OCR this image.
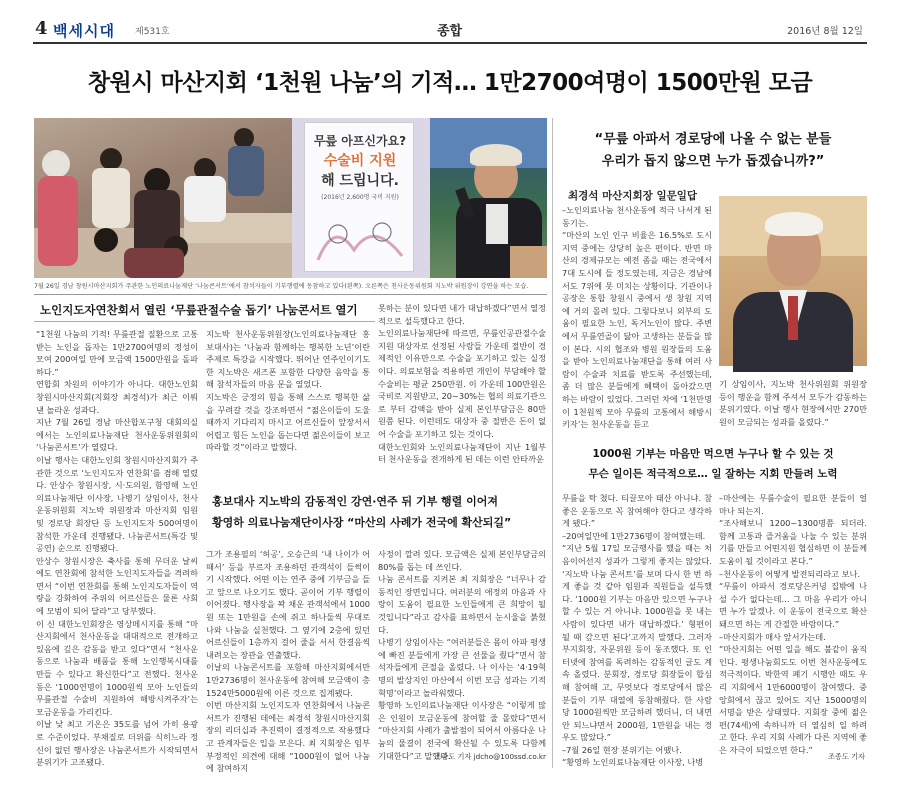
4 백세시대 제531호	종합	2016년 8월 12일
창원시 마산지회 ‘1천원 나눔’의 기적… 1만2700여명이 1500만원 모금
무릎 아프신가요?
수술비 지원
해 드립니다.
(2016년 2,600명 국비 지원)
7월 26일 경남 창원시마산지회가 주관한 노인의료나눔재단 ‘나눔콘서트’에서 참석자들이 기부행렬에 동참하고 있다(왼쪽). 오른쪽은 천사운동위원회 지노박 위원장이 강연을 하는 모습.
노인지도자연찬회서 열린 ‘무릎관절수술 돕기’ 나눔콘서트 열기
“1천원 나눔의 기적! 무릎관절 질환으로 고통받는 노인을 돕자는 1만2700여명의 정성이 모여 200여일 만에 모금액 1500만원을 돌파하다.”
연합회 차원의 이야기가 아니다. 대한노인회 창원시마산지회(지회장 최경석)가 최근 이뤄낸 놀라운 성과다.
지난 7월 26일 경남 마산합포구청 대회의실에서는 노인의료나눔재단 천사운동위원회의 ‘나눔콘서트’가 열렸다.
이날 행사는 대한노인회 창원시마산지회가 주관한 것으로 ‘노인지도자 연찬회’를 겸해 열렸다. 안상수 창원시장, 시·도의원, 함영해 노인의료나눔재단 이사장, 나병기 상임이사, 천사운동위원회 지노박 위원장과 마산지회 임원 및 경로당 회장단 등 노인지도자 500여명이 참석한 가운데 진행됐다. 나눔콘서트(특강 및 공연) 순으로 진행됐다.
안상수 창원시장은 축사를 통해 무더운 날씨에도 연찬회에 참석한 노인지도자들을 격려하면서 “이번 연찬회를 통해 노인지도자들이 역량을 강화하여 주위의 어르신들은 물론 사회에 모범이 되어 달라”고 당부했다.
이 신 대한노인회장은 영상메시지를 통해 “마산지회에서 천사운동을 대대적으로 전개하고 있음에 깊은 감동을 받고 있다”면서 “천사운동으로 나눔과 배품을 통해 노인행복시대를 만들 수 있다고 확신한다”고 전했다. 천사운동은 ‘1000연명이 1000원씩 모아 노인들의 무릎관절 수술비 지원하여 해방시켜주자’는 모금운동을 가리킨다.
이날 낮 최고 기온은 35도를 넘어 가히 용광로 수준이었다. 부채질로 더위를 식히느라 정신이 없던 행사장은 나눔콘서트가 시작되면서 분위기가 고조됐다.
지노박 천사운동위원장(노인의료나눔재단 홍보대사)는 ‘나눔과 함께하는 행복한 노년’이란 주제로 특강을 시작했다. 뛰어난 연주인이기도 한 지노박은 새즈폰 포함한 다양한 음악을 통해 참석자들의 마음 문을 열었다.
지노박은 긍정의 힘을 통해 스스로 행복한 삶을 꾸려갈 것을 강조하면서 “젊은이들이 도울 때까지 기다리지 마시고 어르신들이 앞장서서 어렵고 힘든 노인을 돕는다면 젊은이들이 보고 따라할 것”이라고 말했다.
못하는 분이 있다면 내가 대납하겠다”면서 열정적으로 설득했다고 한다.
노인의료나눔재단에 따르면, 무릎인공관절수술 지원 대상자로 선정된 사람들 가운데 절반이 경제적인 이유만으로 수술을 포기하고 있는 실정이다. 의료보험을 적용하면 개인이 부담해야 할 수술비는 평균 250만원. 이 가운데 100만원은 국비로 지원받고, 20~30%는 협의 의료기관으로 부터 감액을 받아 실제 본인부담금은 80만원쯤 된다. 이런데도 대상자 중 절반은 돈이 없어 수술을 포기하고 있는 것이다.
대한노인회와 노인의료나눔재단이 지난 1월부터 천사운동을 전개하게 된 데는 이런 안타까운
홍보대사 지노박의 감동적인 강연·연주 뒤 기부 행렬 이어져
황영하 의료나눔재단이사장 “마산의 사례가 전국에 확산되길”
그가 조용필의 ‘허공’, 오승근의 ‘내 나이가 어때서’ 등을 부르자 조용하던 관객석이 들썩이기 시작했다. 어떤 이는 연주 중에 기부금을 들고 앞으로 나오기도 했다. 곧이어 기부 행렬이 이어졌다. 행사장을 꽉 채운 관객석에서 1000원 또는 1만원을 손에 쥐고 하나둘씩 무대로 나와 나눔을 실천했다. 그 옆기에 2층에 있던 어르신들이 1층까지 걸어 줄을 서서 한결음씩 내려오는 장관을 연출했다.
이날의 나눔콘서트를 포함해 마산지회에서만 1만2736명이 천사운동에 참여해 모금액이 총 1524만5000원에 이른 것으로 집계됐다.
이번 마산지회 노인지도자 연찬회에서 나눔콘서트가 진행된 데에는 최경석 창원시마산지회장의 리더십과 추진력이 결정적으로 작용했다고 관계자들은 입을 모은다. 최 지회장은 임부 부정적인 의견에 대해 “1000원이 없어 나눔에 참여하지
사정이 깔려 있다. 모금액은 실제 본인부담금의 80%를 돕는 데 쓰인다.
나눔 콘서트를 지켜본 최 지회장은 “너무나 감동적인 장면입니다. 여러분의 애정의 마음과 사랑이 도움이 필요한 노인들에게 큰 희망이 될 것입니다”라고 감사를 표하면서 눈시울을 붉혔다.
나병기 상임이사는 “여러분들은 몸이 아파 평생에 빠진 분들에게 가장 큰 선물을 줬다”면서 참석자들에게 큰절을 올렸다. 나 이사는 ‘4·19혁명의 발상지인 마산에서 이번 모금 성과는 기적 혁명’이라고 놀라워했다.
황영하 노인의료나눔재단 이사장은 “이렇게 많은 인원이 모금운동에 참여할 줄 몰랐다”면서 “마산지회 사례가 출발점이 되어서 아름다운 나눔의 물결이 전국에 확산될 수 있도록 다함께 기대한다”고 말했다.
조종도 기자 jdcho@100ssd.co.kr
“무릎 아파서 경로당에 나올 수 없는 분들
우리가 돕지 않으면 누가 돕겠습니까?”
최경석 마산지회장 일문일답
–노인의료나눔 천사운동에 적극 나서게 된 동기는.
“마산의 노인 인구 비율은 16.5%로 도시 지역 중에는 상당히 높은 편이다. 반면 마산의 경제규모는 예전 좀을 때는 전국에서 7대 도시에 들 정도였는데, 지금은 경남에서도 7위에 못 미치는 상황이다. 기관이나 공장은 통합 창원시 중에서 생 창원 지역에 거의 몰려 있다. 그렇다보니 외부의 도움이 필요한 노인, 독거노인이 많다. 주변에서 무릎연골이 닳아 고생하는 분들을 많이 본다. 시의 협조와 병원 원장들의 도움을 받아 노인의료나눔재단을 통해 여러 사람이 수술과 치료를 받도록 주선했는데, 좀 더 많은 분들에게 혜택이 돌아갔으면 하는 바람이 있었다. 그러던 차에 ‘1천만명이 1천원씩 모아 무릎의 고통에서 해방시키자’는 천사운동을 듣고
기 상임이사, 지노박 천사위원회 위원장 등이 행운을 함께 주셔서 모두가 감동하는 분위기였다. 이날 행사 현장에서만 270만원이 모금되는 성과를 올렸다.”
1000원 기부는 마음만 먹으면 누구나 할 수 있는 것
무슨 일이든 적극적으로… 일 잘하는 지회 만들려 노력
무릎을 탁 쳤다. 티끌모아 태산 아니냐. 참 좋은 운동으로 꼭 참여해야 한다고 생각하게 됐다.”
–20여일만에 1만2736명이 참여했는데.
“지난 5월 17일 모금행사를 했을 때는 처음이어선지 성과가 그렇게 좋지는 않았다. ‘지노박 나눔 콘서트’를 보며 다시 한 번 하게 좋을 것 같아 임원과 직원들을 설득했다. ‘1000원 기부는 마음만 있으면 누구나 할 수 있는 거 아니냐. 1000원을 못 내는 사람이 있다면 내가 대납하겠다.’ 형편이 될 때 갚으면 된다’고까지 말했다. 그러자 부지회장, 자문위원 등이 동조했다. 또 인터넷에 참여를 독려하는 감동적인 글도 계속 올렸다. 분회장, 경로당 회장들이 합심해 참여해 고, 무엇보다 경로당에서 많은 분들이 기부 대열에 동참해줬다. 한 사람 당 1000원씩만 모금하려 했더니, 더 내면 안 되느냐면서 2000원, 1만원을 내는 경우도 많았다.”
–7월 26일 현장 분위기는 어땠나.
“황영하 노인의료나눔재단 이사장, 나병
–마산에는 무릎수술이 필요한 분들이 얼마나 되는지.
“조사해보니 1200~1300명쯤 되더라. 함께 고통과 즐거움을 나눌 수 있는 분위기를 만들고 어떤지원 협심하면 이 분들께 도움이 될 것이라고 본다.”
–천사운동이 어떻게 발전되리라고 보나.
“무릎이 아파서 경로당은커녕 집밖에 나설 수가 없다는데… 그 마음 우리가 아니면 누가 알겠나. 이 운동이 전국으로 확산돼으면 하는 게 간절한 바람이다.”
–마산지회가 매사 앞서가는데.
“마산지회는 어떤 일을 해도 불같이 움직인다. 평생나눔회도도 이번 천사운동에도 적극적이다. 박한역 폐기 시행안 때도 우리 지회에서 1만6000명이 참여했다. 중앙회에서 끊고 있어도 지난 15000명의 서명을 받은 상태였다. 지회장 중에 젊은 편(74세)에 속하니까 더 열심히 일 하려고 한다. 우리 지회 사례가 다른 지역에 좋은 자극이 되었으면 한다.”
조종도 기자
